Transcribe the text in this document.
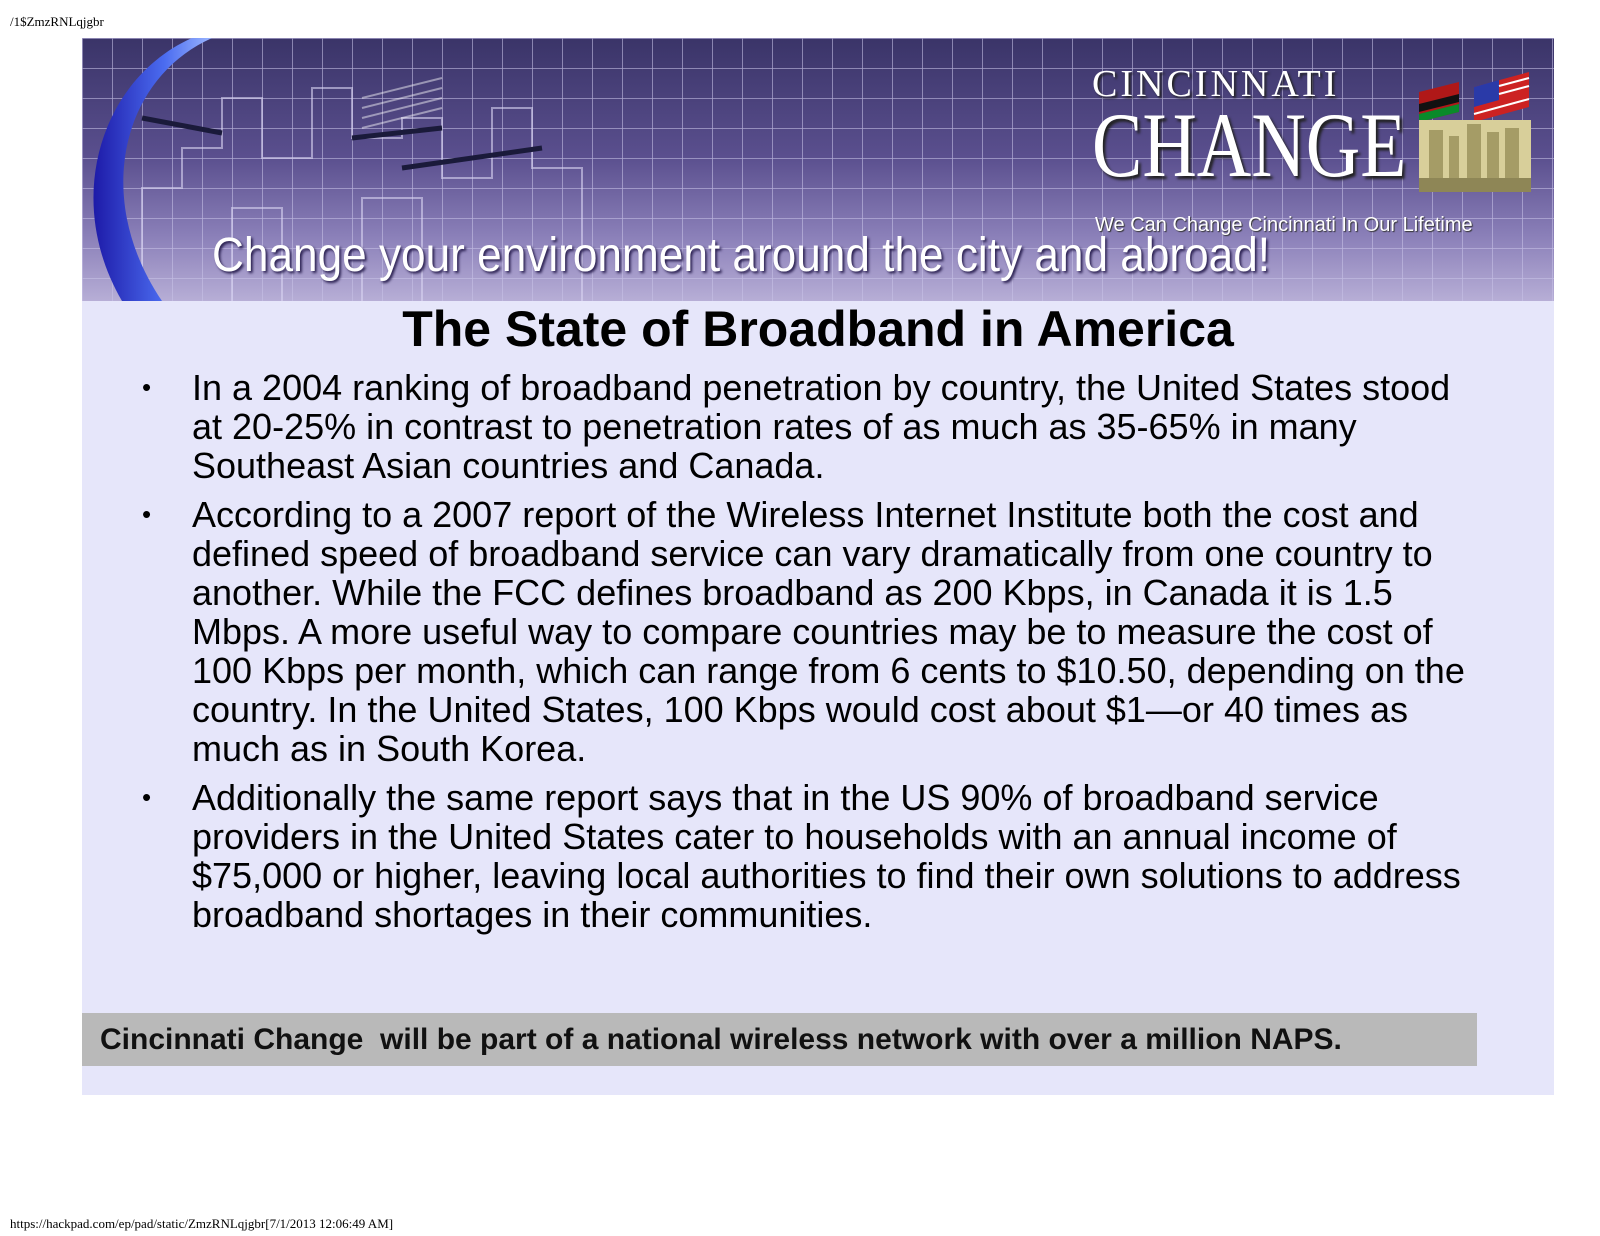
/1$ZmzRNLqjgbr
CINCINNATI
CHANGE
We Can Change Cincinnati In Our Lifetime
Change your environment around the city and abroad!
The State of Broadband in America
• In a 2004 ranking of broadband penetration by country, the United States stood at 20-25% in contrast to penetration rates of as much as 35-65% in many Southeast Asian countries and Canada.
• According to a 2007 report of the Wireless Internet Institute both the cost and defined speed of broadband service can vary dramatically from one country to another. While the FCC defines broadband as 200 Kbps, in Canada it is 1.5 Mbps. A more useful way to compare countries may be to measure the cost of 100 Kbps per month, which can range from 6 cents to $10.50, depending on the country. In the United States, 100 Kbps would cost about $1—or 40 times as much as in South Korea.
• Additionally the same report says that in the US 90% of broadband service providers in the United States cater to households with an annual income of $75,000 or higher, leaving local authorities to find their own solutions to address broadband shortages in their communities.
Cincinnati Change  will be part of a national wireless network with over a million NAPS.
https://hackpad.com/ep/pad/static/ZmzRNLqjgbr[7/1/2013 12:06:49 AM]
